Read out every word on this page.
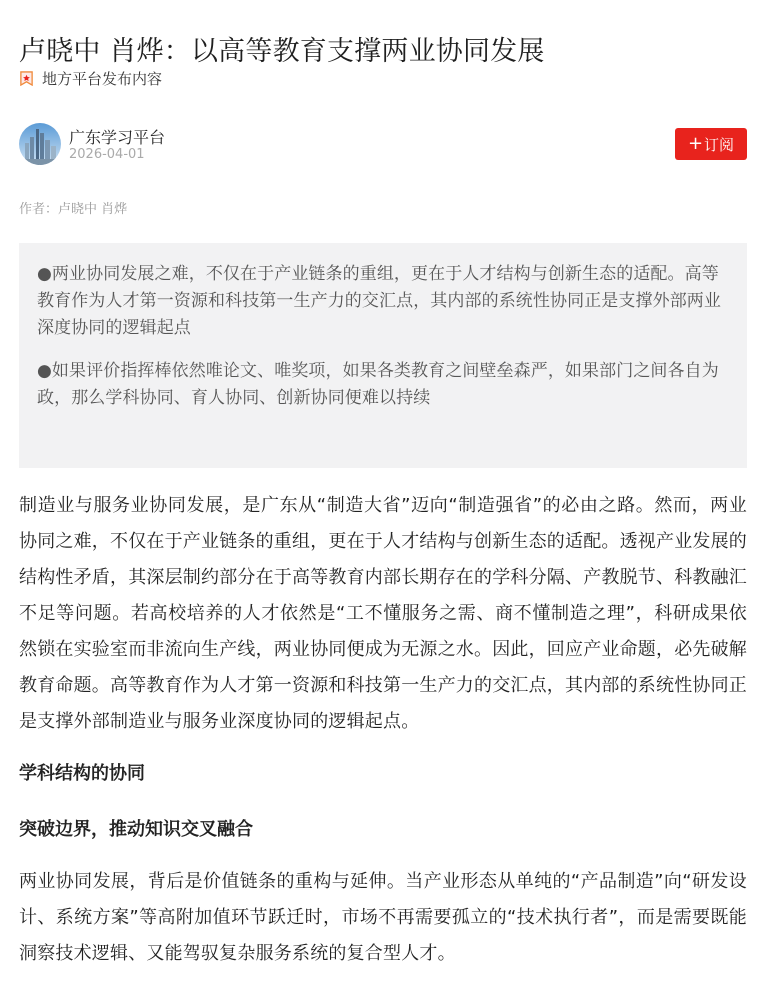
卢晓中 肖烨：以高等教育支撑两业协同发展
地方平台发布内容
广东学习平台
2026-04-01
+ 订阅
作者：卢晓中 肖烨

●两业协同发展之难，不仅在于产业链条的重组，更在于人才结构与创新生态的适配。高等教育作为人才第一资源和科技第一生产力的交汇点，其内部的系统性协同正是支撑外部两业深度协同的逻辑起点

●如果评价指挥棒依然唯论文、唯奖项，如果各类教育之间壁垒森严，如果部门之间各自为政，那么学科协同、育人协同、创新协同便难以持续

制造业与服务业协同发展，是广东从“制造大省”迈向“制造强省”的必由之路。然而，两业协同之难，不仅在于产业链条的重组，更在于人才结构与创新生态的适配。透视产业发展的结构性矛盾，其深层制约部分在于高等教育内部长期存在的学科分隔、产教脱节、科教融汇不足等问题。若高校培养的人才依然是“工不懂服务之需、商不懂制造之理”，科研成果依然锁在实验室而非流向生产线，两业协同便成为无源之水。因此，回应产业命题，必先破解教育命题。高等教育作为人才第一资源和科技第一生产力的交汇点，其内部的系统性协同正是支撑外部制造业与服务业深度协同的逻辑起点。

学科结构的协同

突破边界，推动知识交叉融合

两业协同发展，背后是价值链条的重构与延伸。当产业形态从单纯的“产品制造”向“研发设计、系统方案”等高附加值环节跃迁时，市场不再需要孤立的“技术执行者”，而是需要既能洞察技术逻辑、又能驾驭复杂服务系统的复合型人才。
